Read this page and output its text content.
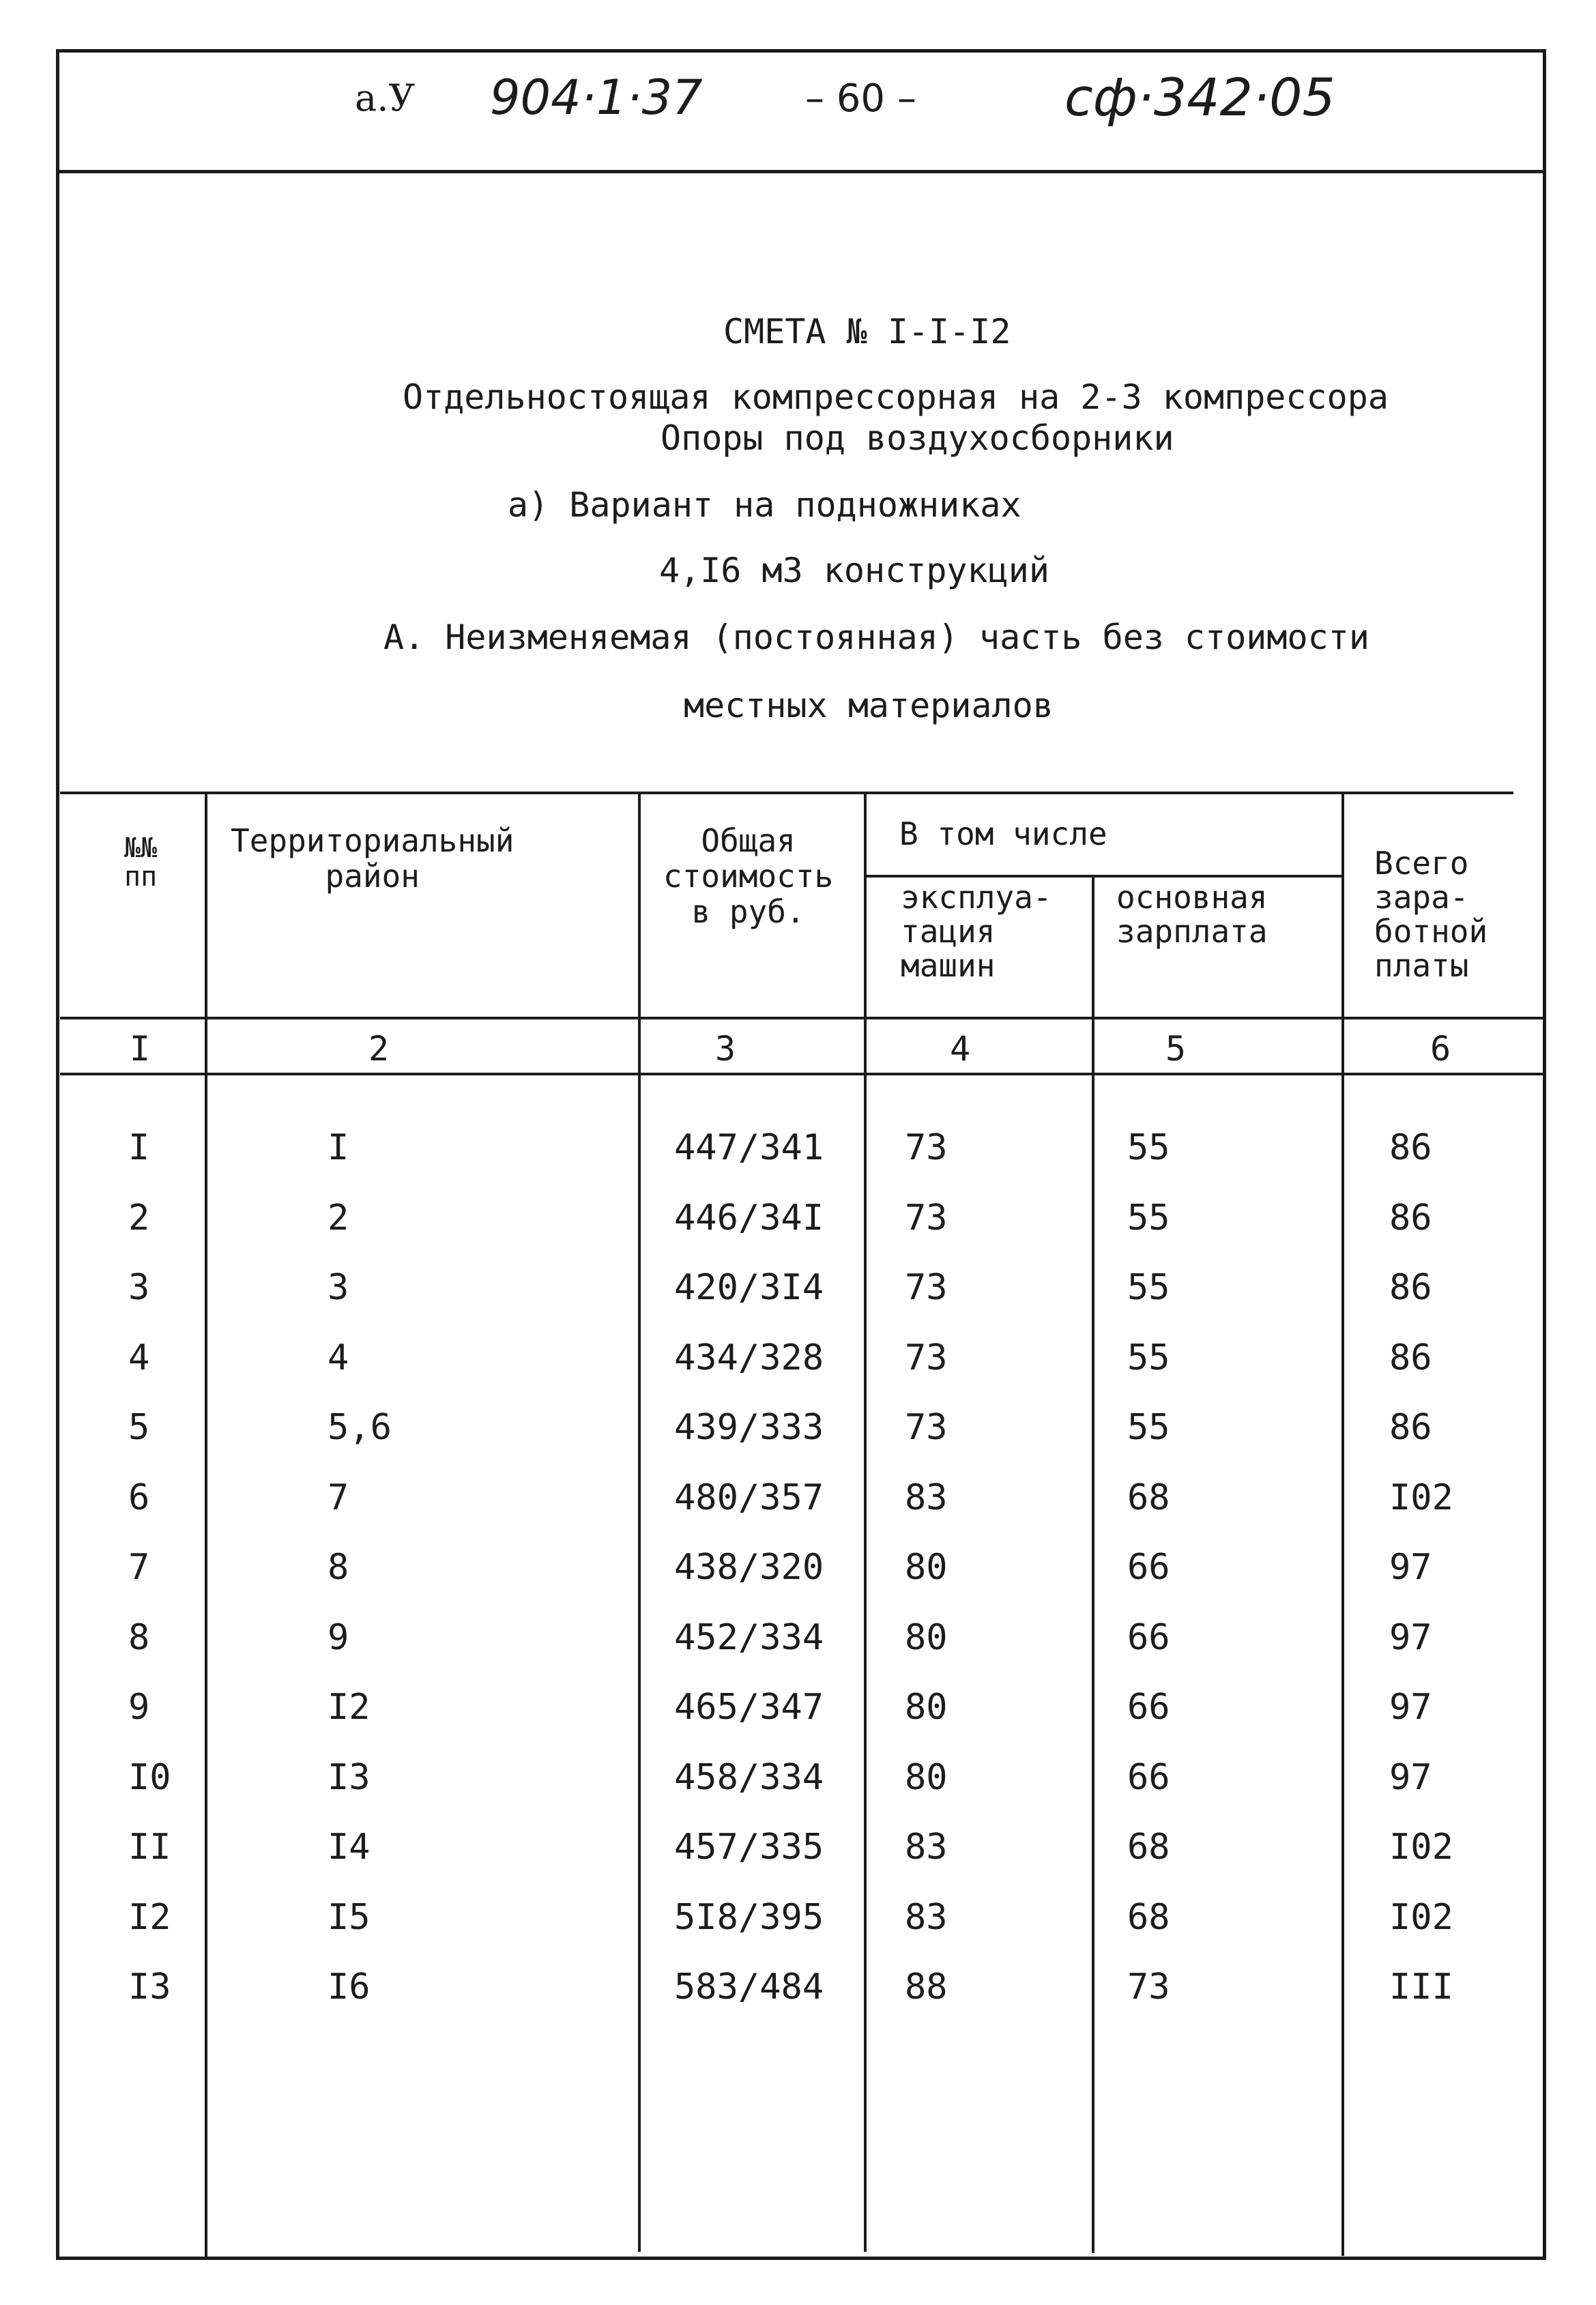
а.У 904·1·37	– 60 –	сф·342·05
СМЕТА № I-I-I2
Отдельностоящая компрессорная на 2-3 компрессора
Опоры под воздухосборники
а) Вариант на подножниках
4,I6 м3 конструкций
А. Неизменяемая (постоянная) часть без стоимости
местных материалов
№№
пп
Территориальный
район
Общая
стоимость
в руб.
В том числе
эксплуа-
тация
машин
основная
зарплата
Всего
зара-
ботной
платы
I	2	3	4	5	6
I	I	447/341 73	55	86
2	2	446/34I 73	55	86
3	3	420/3I4 73	55	86
4	4	434/328 73	55	86
5	5,6	439/333 73	55	86
6	7	480/357 83	68	I02
7	8	438/320 80	66	97
8	9	452/334 80	66	97
9	I2	465/347 80	66	97
I0	I3	458/334 80	66	97
II	I4	457/335 83	68	I02
I2	I5	5I8/395 83	68	I02
I3	I6	583/484 88	73	III
